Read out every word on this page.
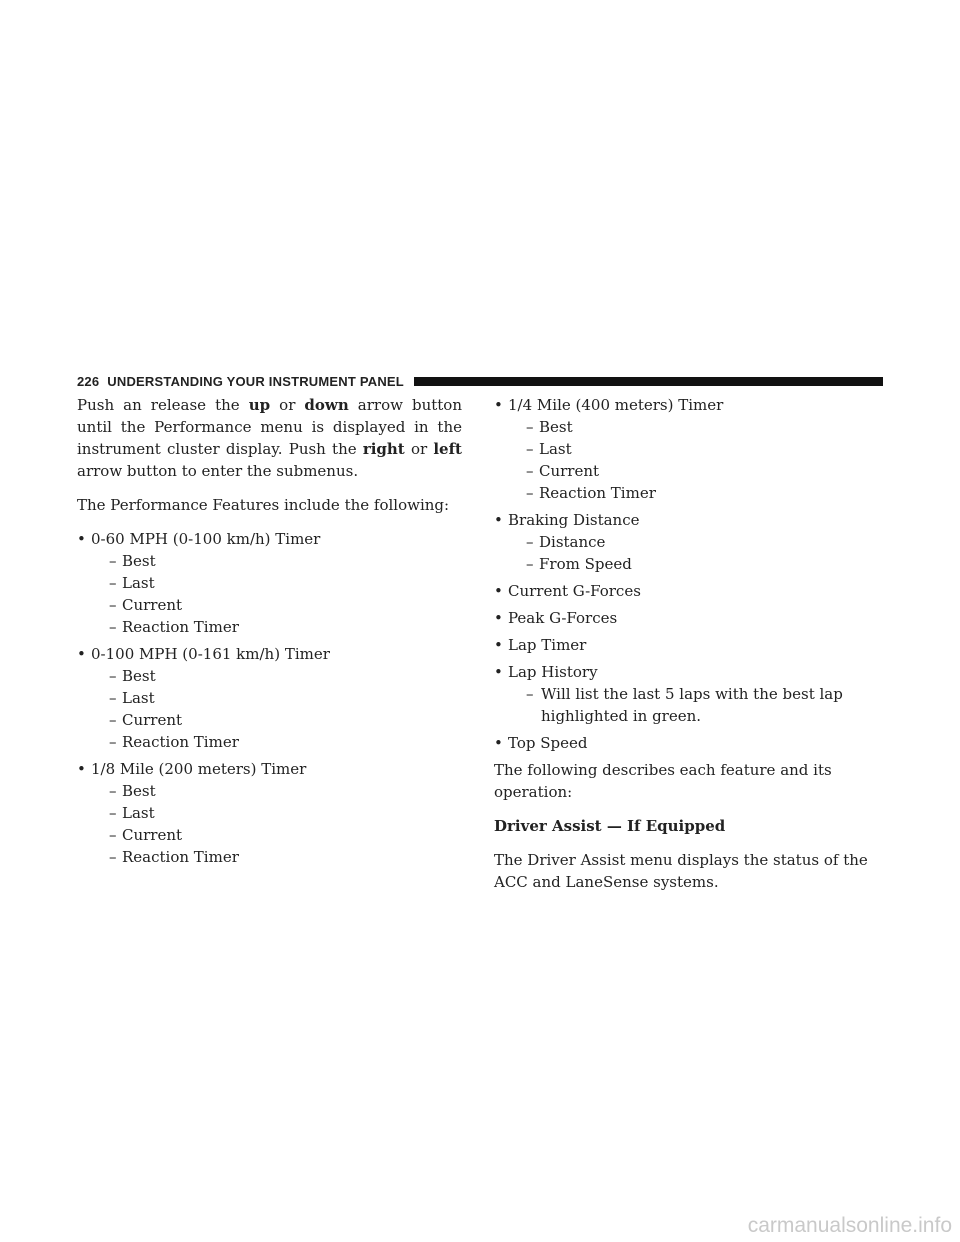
226 UNDERSTANDING YOUR INSTRUMENT PANEL

Push an release the up or down arrow button until the Performance menu is displayed in the instrument cluster display. Push the right or left arrow button to enter the submenus.

The Performance Features include the following:

• 0-60 MPH (0-100 km/h) Timer

– Best

– Last

– Current

– Reaction Timer

• 0-100 MPH (0-161 km/h) Timer

– Best

– Last

– Current

– Reaction Timer

• 1/8 Mile (200 meters) Timer

– Best

– Last

– Current

– Reaction Timer

• 1/4 Mile (400 meters) Timer

– Best

– Last

– Current

– Reaction Timer

• Braking Distance

– Distance

– From Speed

• Current G-Forces

• Peak G-Forces

• Lap Timer

• Lap History

– Will list the last 5 laps with the best lap highlighted in green.

• Top Speed

The following describes each feature and its operation:

Driver Assist — If Equipped

The Driver Assist menu displays the status of the ACC and LaneSense systems.

carmanualsonline.info
